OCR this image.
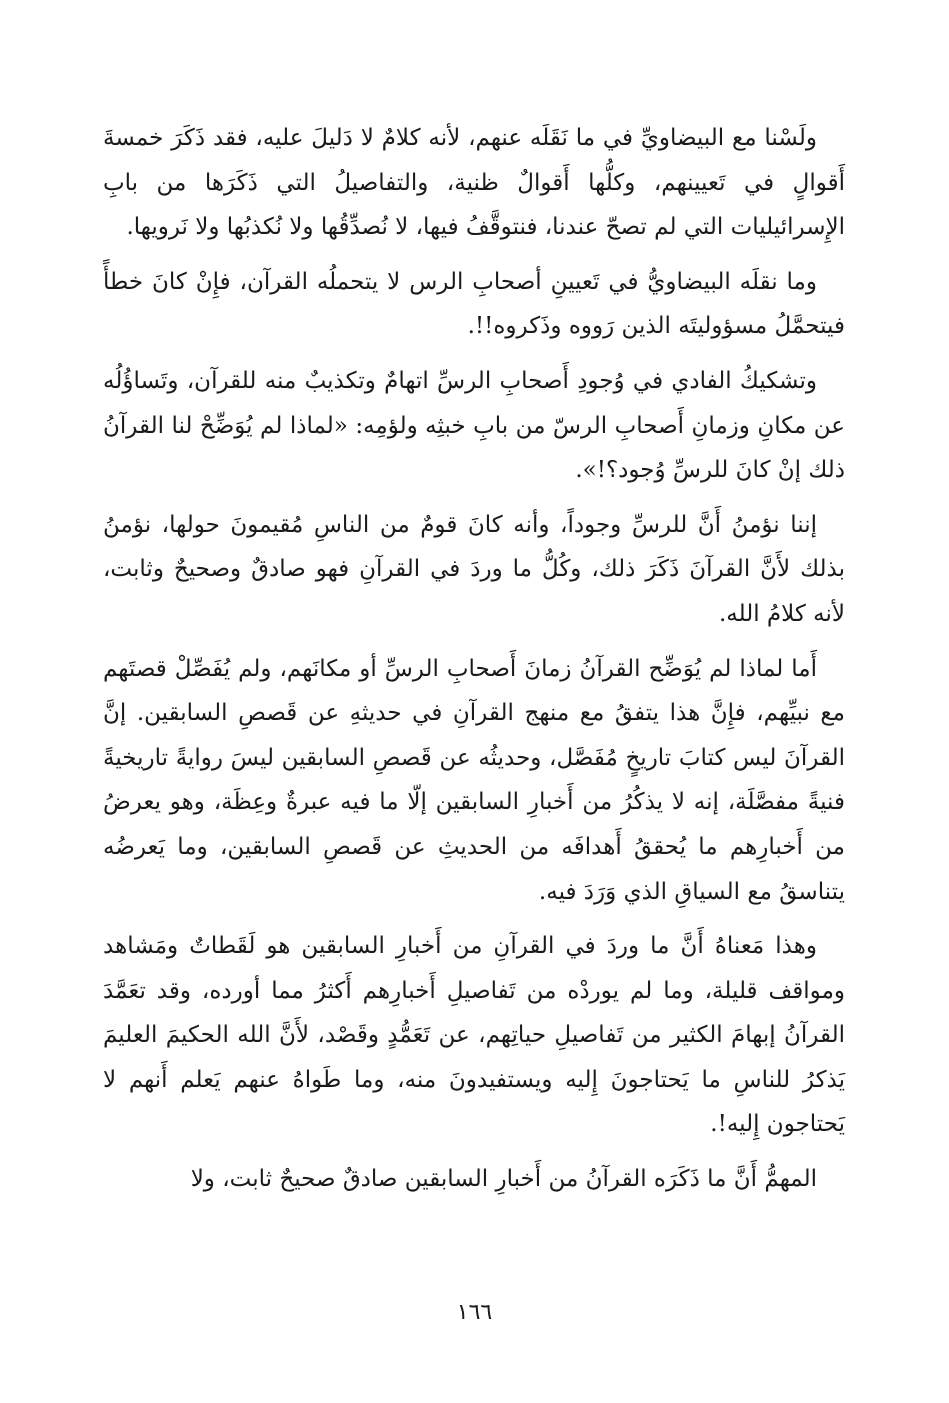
ولَسْنا مع البيضاويِّ في ما نَقَلَه عنهم، لأنه كلامٌ لا دَليلَ عليه، فقد ذَكَرَ خمسةَ أَقوالٍ في تَعيينهم، وكلُّها أَقوالٌ ظنية، والتفاصيلُ التي ذَكَرَها من بابِ الإِسرائيليات التي لم تصحّ عندنا، فنتوقَّفُ فيها، لا نُصدِّقُها ولا نُكذبُها ولا نَرويها.

وما نقلَه البيضاويُّ في تَعيينِ أصحابِ الرس لا يتحملُه القرآن، فإِنْ كانَ خطأً فيتحمَّلُ مسؤوليتَه الذين رَووه وذَكروه!!.

وتشكيكُ الفادي في وُجودِ أَصحابِ الرسِّ اتهامٌ وتكذيبٌ منه للقرآن، وتَساؤُلُه عن مكانِ وزمانِ أَصحابِ الرسّ من بابِ خبثِه ولؤمِه: «لماذا لم يُوَضِّحْ لنا القرآنُ ذلك إنْ كانَ للرسِّ وُجود؟!».

إننا نؤمنُ أَنَّ للرسِّ وجوداً، وأنه كانَ قومٌ من الناسِ مُقيمونَ حولها، نؤمنُ بذلك لأَنَّ القرآنَ ذَكَرَ ذلك، وكُلُّ ما وردَ في القرآنِ فهو صادقٌ وصحيحٌ وثابت، لأنه كلامُ الله.

أَما لماذا لم يُوَضِّح القرآنُ زمانَ أَصحابِ الرسِّ أو مكانَهم، ولم يُفَصِّلْ قصتَهم مع نبيِّهم، فإِنَّ هذا يتفقُ مع منهج القرآنِ في حديثهِ عن قَصصِ السابقين. إنَّ القرآنَ ليس كتابَ تاريخٍ مُفَصَّل، وحديثُه عن قَصصِ السابقين ليسَ روايةً تاريخيةً فنيةً مفصَّلَة، إنه لا يذكُرُ من أَخبارِ السابقين إلّا ما فيه عبرةٌ وعِظَة، وهو يعرضُ من أَخبارِهم ما يُحققُ أَهدافَه من الحديثِ عن قَصصِ السابقين، وما يَعرضُه يتناسقُ مع السياقِ الذي وَرَدَ فيه.

وهذا مَعناهُ أَنَّ ما وردَ في القرآنِ من أَخبارِ السابقين هو لَقَطاتٌ ومَشاهد ومواقف قليلة، وما لم يوردْه من تَفاصيلِ أَخبارِهم أَكثرُ مما أورده، وقد تعَمَّدَ القرآنُ إبهامَ الكثير من تَفاصيلِ حياتِهم، عن تَعَمُّدٍ وقَصْد، لأَنَّ الله الحكيمَ العليمَ يَذكرُ للناسِ ما يَحتاجونَ إِليه ويستفيدونَ منه، وما طَواهُ عنهم يَعلم أَنهم لا يَحتاجون إِليه!.

المهمُّ أَنَّ ما ذَكَرَه القرآنُ من أَخبارِ السابقين صادقٌ صحيحٌ ثابت، ولا

١٦٦
